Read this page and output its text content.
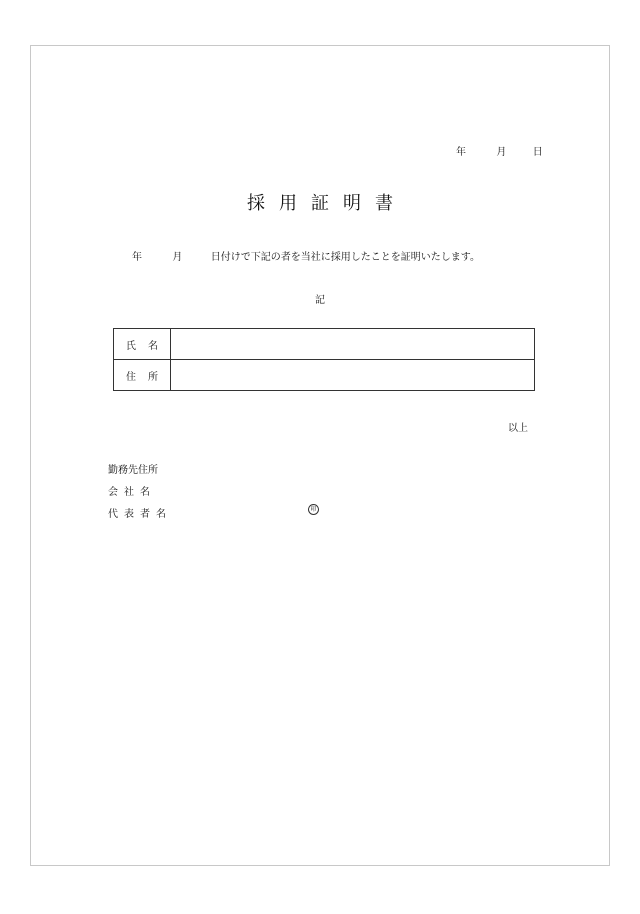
年	月	日
採用証明書
年	月	日付けで下記の者を当社に採用したことを証明いたします。
記
氏名	
住所	
以上
勤務先住所
会社名
代表者名	印
